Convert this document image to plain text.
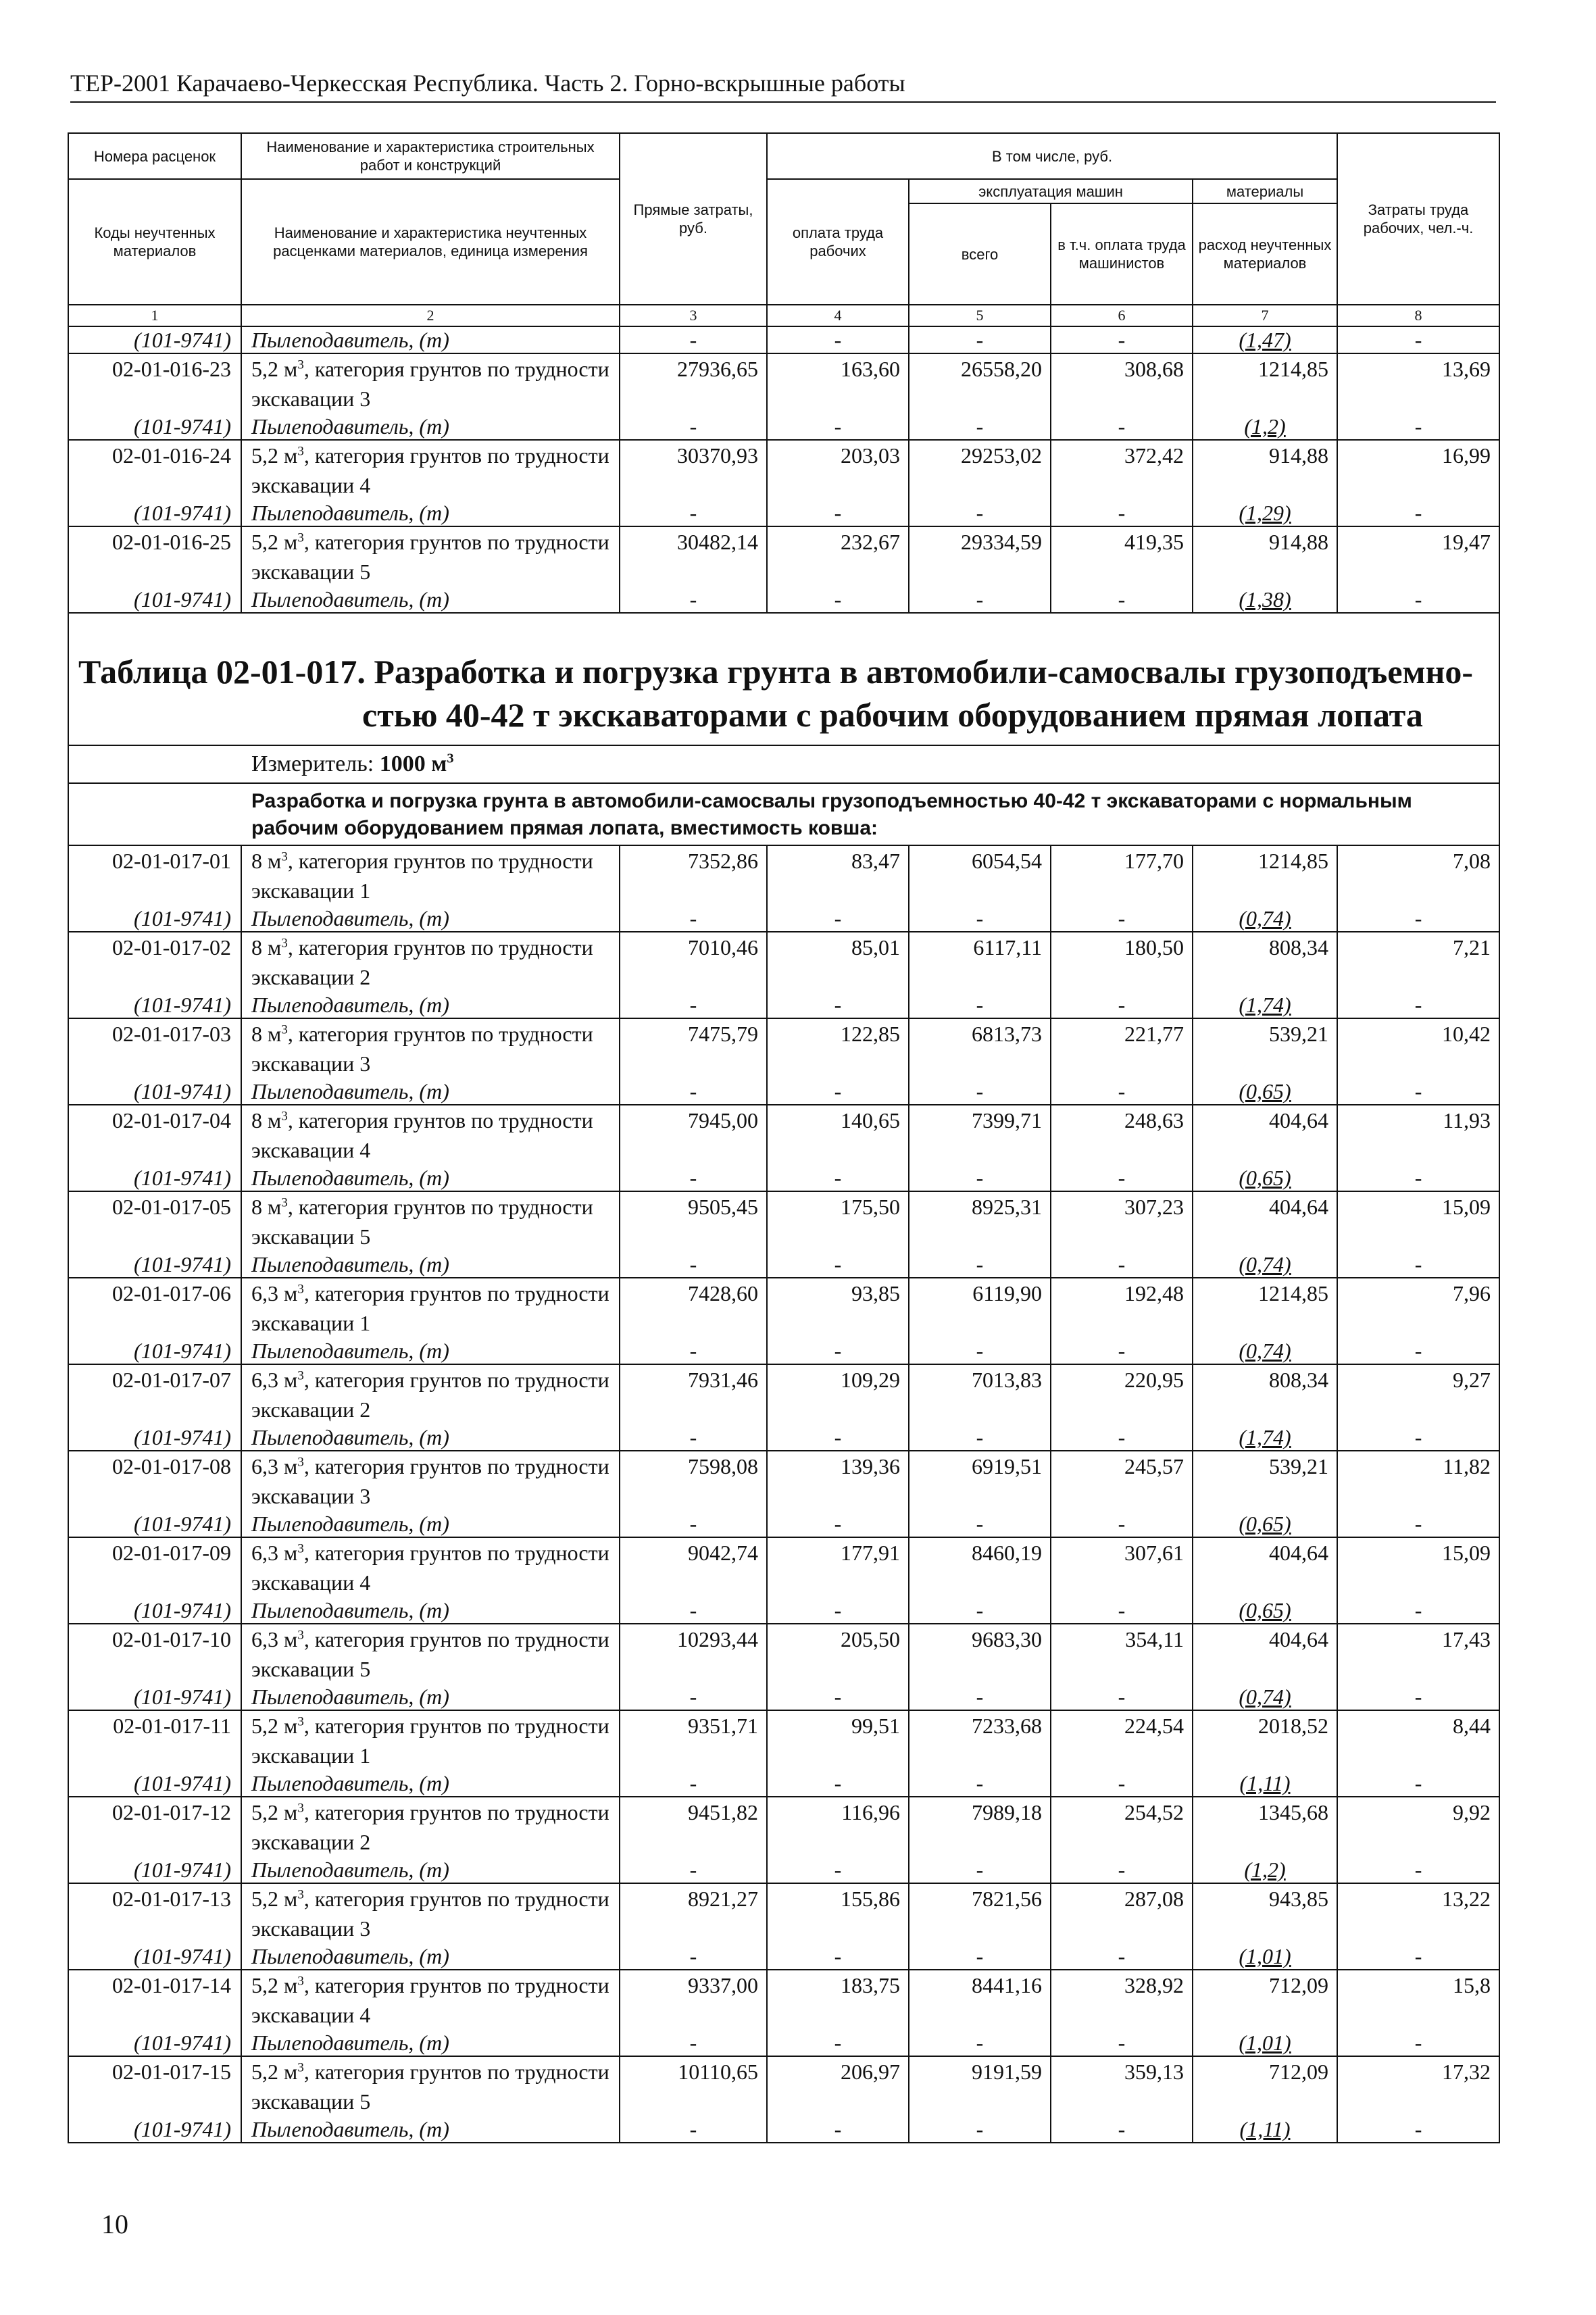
ТЕР-2001 Карачаево-Черкесская Республика. Часть 2. Горно-вскрышные работы
Номера расценок	Наименование и характеристика строительных работ и конструкций	Прямые затраты, руб.	В том числе, руб.				Затраты труда рабочих, чел.-ч.
Коды неучтенных материалов	Наименование и характеристика неучтенных расценками материалов, единица измерения		оплата труда рабочих	эксплуатация машин		материалы	
				всего	в т.ч. оплата труда машинистов	расход неучтенных материалов	
1	2	3	4	5	6	7	8
(101-9741)	Пылеподавитель, (т)	-	-	-	-	(1,47)	-
02-01-016-23	5,2 $м^3$, категория грунтов по трудности экскавации 3	27936,65	163,60	26558,20	308,68	1214,85	13,69
(101-9741)	Пылеподавитель, (т)	-	-	-	-	(1,2)	-
02-01-016-24	5,2 $м^3$, категория грунтов по трудности экскавации 4	30370,93	203,03	29253,02	372,42	914,88	16,99
(101-9741)	Пылеподавитель, (т)	-	-	-	-	(1,29)	-
02-01-016-25	5,2 $м^3$, категория грунтов по трудности экскавации 5	30482,14	232,67	29334,59	419,35	914,88	19,47
(101-9741)	Пылеподавитель, (т)	-	-	-	-	(1,38)	-

Таблица 02-01-017. Разработка и погрузка грунта в автомобили-самосвалы грузоподъемно-
стью 40-42 т экскаваторами с рабочим оборудованием прямая лопата							

Измеритель: 1000 $м^3$
Разработка и погрузка грунта в автомобили-самосвалы грузоподъемностью 40-42 т экскаваторами с нормальным рабочим оборудованием прямая лопата, вместимость ковша:							
02-01-017-01	8 $м^3$, категория грунтов по трудности экскавации 1	7352,86	83,47	6054,54	177,70	1214,85	7,08
(101-9741)	Пылеподавитель, (т)	-	-	-	-	(0,74)	-
02-01-017-02	8 $м^3$, категория грунтов по трудности экскавации 2	7010,46	85,01	6117,11	180,50	808,34	7,21
(101-9741)	Пылеподавитель, (т)	-	-	-	-	(1,74)	-
02-01-017-03	8 $м^3$, категория грунтов по трудности экскавации 3	7475,79	122,85	6813,73	221,77	539,21	10,42
(101-9741)	Пылеподавитель, (т)	-	-	-	-	(0,65)	-
02-01-017-04	8 $м^3$, категория грунтов по трудности экскавации 4	7945,00	140,65	7399,71	248,63	404,64	11,93
(101-9741)	Пылеподавитель, (т)	-	-	-	-	(0,65)	-
02-01-017-05	8 $м^3$, категория грунтов по трудности экскавации 5	9505,45	175,50	8925,31	307,23	404,64	15,09
(101-9741)	Пылеподавитель, (т)	-	-	-	-	(0,74)	-
02-01-017-06	6,3 $м^3$, категория грунтов по трудности экскавации 1	7428,60	93,85	6119,90	192,48	1214,85	7,96
(101-9741)	Пылеподавитель, (т)	-	-	-	-	(0,74)	-
02-01-017-07	6,3 $м^3$, категория грунтов по трудности экскавации 2	7931,46	109,29	7013,83	220,95	808,34	9,27
(101-9741)	Пылеподавитель, (т)	-	-	-	-	(1,74)	-
02-01-017-08	6,3 $м^3$, категория грунтов по трудности экскавации 3	7598,08	139,36	6919,51	245,57	539,21	11,82
(101-9741)	Пылеподавитель, (т)	-	-	-	-	(0,65)	-
02-01-017-09	6,3 $м^3$, категория грунтов по трудности экскавации 4	9042,74	177,91	8460,19	307,61	404,64	15,09
(101-9741)	Пылеподавитель, (т)	-	-	-	-	(0,65)	-
02-01-017-10	6,3 $м^3$, категория грунтов по трудности экскавации 5	10293,44	205,50	9683,30	354,11	404,64	17,43
(101-9741)	Пылеподавитель, (т)	-	-	-	-	(0,74)	-
02-01-017-11	5,2 $м^3$, категория грунтов по трудности экскавации 1	9351,71	99,51	7233,68	224,54	2018,52	8,44
(101-9741)	Пылеподавитель, (т)	-	-	-	-	(1,11)	-
02-01-017-12	5,2 $м^3$, категория грунтов по трудности экскавации 2	9451,82	116,96	7989,18	254,52	1345,68	9,92
(101-9741)	Пылеподавитель, (т)	-	-	-	-	(1,2)	-
02-01-017-13	5,2 $м^3$, категория грунтов по трудности экскавации 3	8921,27	155,86	7821,56	287,08	943,85	13,22
(101-9741)	Пылеподавитель, (т)	-	-	-	-	(1,01)	-
02-01-017-14	5,2 $м^3$, категория грунтов по трудности экскавации 4	9337,00	183,75	8441,16	328,92	712,09	15,8
(101-9741)	Пылеподавитель, (т)	-	-	-	-	(1,01)	-
02-01-017-15	5,2 $м^3$, категория грунтов по трудности экскавации 5	10110,65	206,97	9191,59	359,13	712,09	17,32
(101-9741)	Пылеподавитель, (т)	-	-	-	-	(1,11)	-
10
